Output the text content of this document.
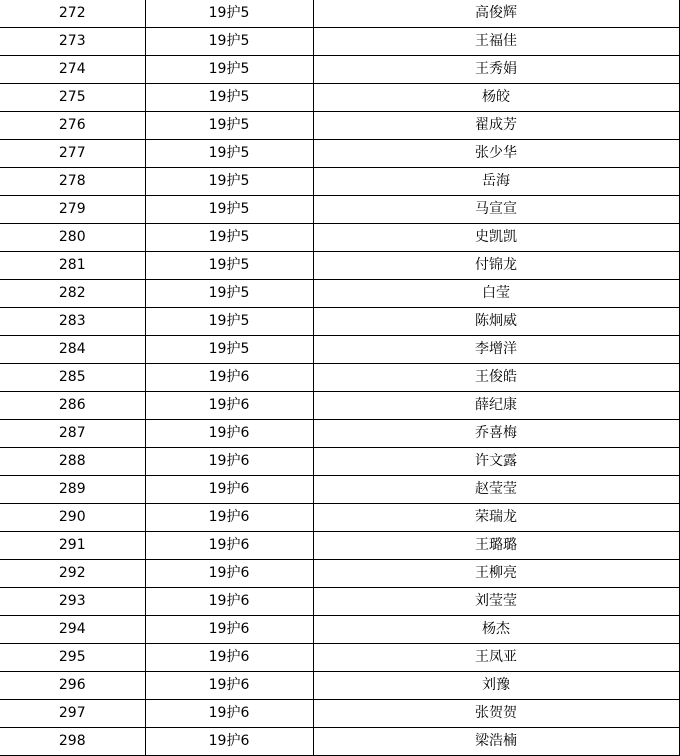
272	19护5	高俊辉
273	19护5	王福佳
274	19护5	王秀娟
275	19护5	杨皎
276	19护5	翟成芳
277	19护5	张少华
278	19护5	岳海
279	19护5	马宣宣
280	19护5	史凯凯
281	19护5	付锦龙
282	19护5	白莹
283	19护5	陈炯威
284	19护5	李增洋
285	19护6	王俊皓
286	19护6	薛纪康
287	19护6	乔喜梅
288	19护6	许文露
289	19护6	赵莹莹
290	19护6	荣瑞龙
291	19护6	王璐璐
292	19护6	王柳亮
293	19护6	刘莹莹
294	19护6	杨杰
295	19护6	王凤亚
296	19护6	刘豫
297	19护6	张贺贺
298	19护6	梁浩楠
